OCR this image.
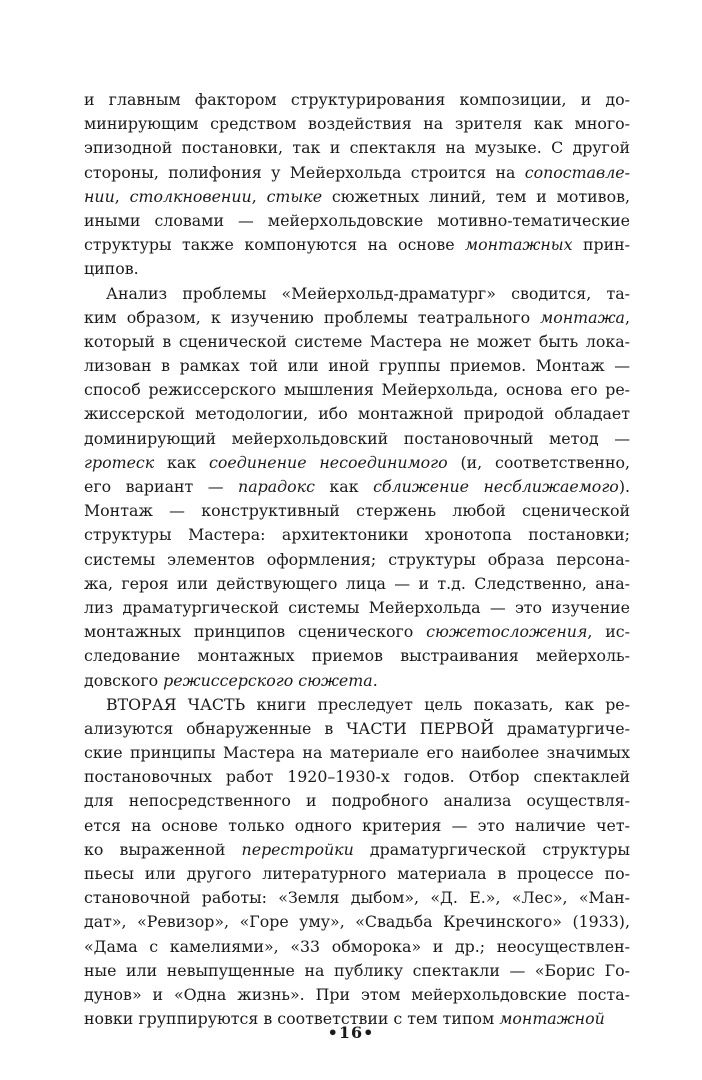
и главным фактором структурирования композиции, и до-
минирующим средством воздействия на зрителя как много-
эпизодной постановки, так и спектакля на музыке. С другой
стороны, полифония у Мейерхольда строится на сопоставле-
нии, столкновении, стыке сюжетных линий, тем и мотивов,
иными словами — мейерхольдовские мотивно-тематические
структуры также компонуются на основе монтажных прин-
ципов.
Анализ проблемы «Мейерхольд-драматург» сводится, та-
ким образом, к изучению проблемы театрального монтажа,
который в сценической системе Мастера не может быть локa-
лизован в рамках той или иной группы приемов. Монтаж —
способ режиссерского мышления Мейерхольда, основа его ре-
жиссерской методологии, ибо монтажной природой обладает
доминирующий мейерхольдовский постановочный метод —
гротеск как соединение несоединимого (и, соответственно,
его вариант — парадокс как сближение несближаемого).
Монтаж — конструктивный стержень любой сценической
структуры Мастера: архитектоники хронотопа постановки;
системы элементов оформления; структуры образа персона-
жа, героя или действующего лица — и т.д. Следственно, ана-
лиз драматургической системы Мейерхольда — это изучение
монтажных принципов сценического сюжетосложения, ис-
следование монтажных приемов выстраивания мейерхоль-
довского режиссерского сюжета.
ВТОРАЯ ЧАСТЬ книги преследует цель показать, как ре-
ализуются обнаруженные в ЧАСТИ ПЕРВОЙ драматургиче-
ские принципы Мастера на материале его наиболее значимых
постановочных работ 1920–1930-х годов. Отбор спектаклей
для непосредственного и подробного анализа осуществля-
ется на основе только одного критерия — это наличие чет-
ко выраженной перестройки драматургической структуры
пьесы или другого литературного материала в процессе по-
становочной работы: «Земля дыбом», «Д. Е.», «Лес», «Ман-
дат», «Ревизор», «Горе уму», «Свадьба Кречинского» (1933),
«Дама с камелиями», «33 обморока» и др.; неосуществлен-
ные или невыпущенные на публику спектакли — «Борис Го-
дунов» и «Одна жизнь». При этом мейерхольдовские поста-
новки группируются в соответствии с тем типом монтажной
•16•
